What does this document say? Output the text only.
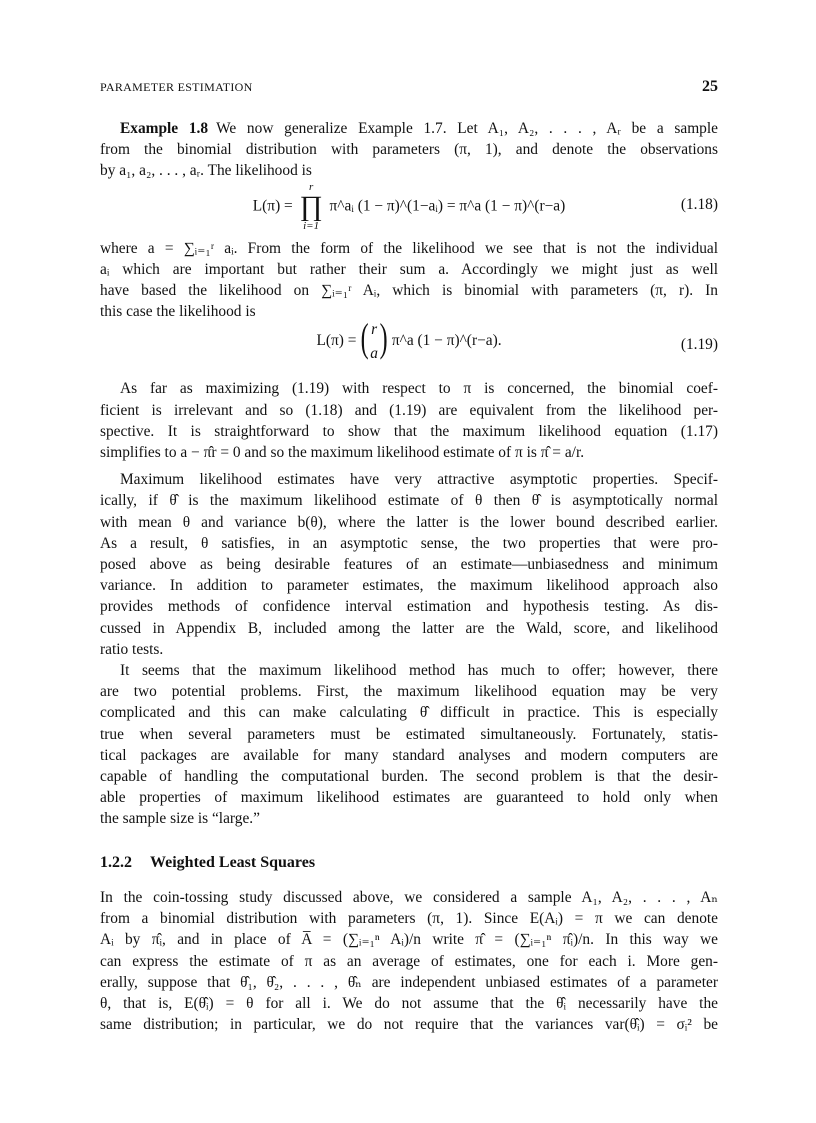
PARAMETER ESTIMATION	25
Example 1.8 We now generalize Example 1.7. Let A₁, A₂, . . . , Aᵣ be a sample
from the binomial distribution with parameters (π, 1), and denote the observations
by a₁, a₂, . . . , aᵣ. The likelihood is
L(π) =
r
∏
i=1
π^aᵢ (1 − π)^(1−aᵢ) = π^a (1 − π)^(r−a)	(1.18)
where a = ∑ᵢ₌₁ʳ aᵢ. From the form of the likelihood we see that is not the individual
aᵢ which are important but rather their sum a. Accordingly we might just as well
have based the likelihood on ∑ᵢ₌₁ʳ Aᵢ, which is binomial with parameters (π, r). In
this case the likelihood is
L(π) = ( r
a ) π^a (1 − π)^(r−a).	(1.19)
As far as maximizing (1.19) with respect to π is concerned, the binomial coef-
ficient is irrelevant and so (1.18) and (1.19) are equivalent from the likelihood per-
spective. It is straightforward to show that the maximum likelihood equation (1.17)
simplifies to a − π̂r = 0 and so the maximum likelihood estimate of π is π̂ = a/r.
Maximum likelihood estimates have very attractive asymptotic properties. Specif-
ically, if θ̂ is the maximum likelihood estimate of θ then θ̂ is asymptotically normal
with mean θ and variance b(θ), where the latter is the lower bound described earlier.
As a result, θ satisfies, in an asymptotic sense, the two properties that were pro-
posed above as being desirable features of an estimate—unbiasedness and minimum
variance. In addition to parameter estimates, the maximum likelihood approach also
provides methods of confidence interval estimation and hypothesis testing. As dis-
cussed in Appendix B, included among the latter are the Wald, score, and likelihood
ratio tests.
It seems that the maximum likelihood method has much to offer; however, there
are two potential problems. First, the maximum likelihood equation may be very
complicated and this can make calculating θ̂ difficult in practice. This is especially
true when several parameters must be estimated simultaneously. Fortunately, statis-
tical packages are available for many standard analyses and modern computers are
capable of handling the computational burden. The second problem is that the desir-
able properties of maximum likelihood estimates are guaranteed to hold only when
the sample size is “large.”
1.2.2 Weighted Least Squares
In the coin-tossing study discussed above, we considered a sample A₁, A₂, . . . , Aₙ
from a binomial distribution with parameters (π, 1). Since E(Aᵢ) = π we can denote
Aᵢ by π̂ᵢ, and in place of A̅ = (∑ᵢ₌₁ⁿ Aᵢ)/n write π̂ = (∑ᵢ₌₁ⁿ π̂ᵢ)/n. In this way we
can express the estimate of π as an average of estimates, one for each i. More gen-
erally, suppose that θ̂₁, θ̂₂, . . . , θ̂ₙ are independent unbiased estimates of a parameter
θ, that is, E(θ̂ᵢ) = θ for all i. We do not assume that the θ̂ᵢ necessarily have the
same distribution; in particular, we do not require that the variances var(θ̂ᵢ) = σᵢ² be
